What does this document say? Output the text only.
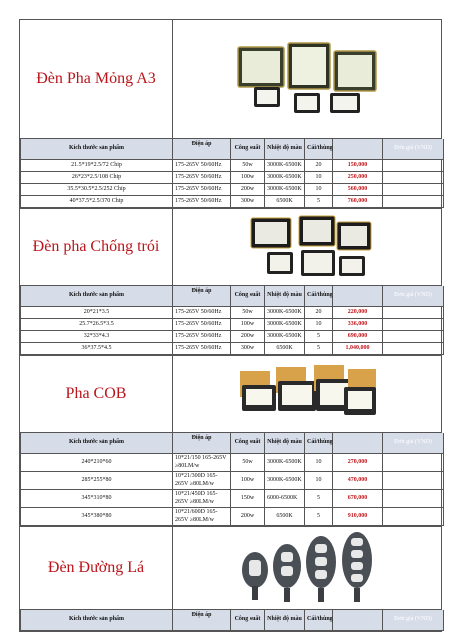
Đèn Pha Mỏng A3
Kích thước sản phẩm	Điện áp	Công suất	Nhiệt độ màu	Cái/thùng		Đơn giá (VND)
21.5*19*2.5/72 Chip	175-265V 50/60Hz	50w	3000K-6500K	20	150,000	
26*23*2.5/108 Chip	175-265V 50/60Hz	100w	3000K-6500K	10	250,000	
35.5*30.5*2.5/252 Chip	175-265V 50/60Hz	200w	3000K-6500K	10	560,000	
40*37.5*2.5/370 Chip	175-265V 50/60Hz	300w	6500K	5	760,000	
Đèn pha Chống trói
Kích thước sản phẩm	Điện áp	Công suất	Nhiệt độ màu	Cái/thùng		Đơn giá (VND)
20*21*3.5	175-265V 50/60Hz	50w	3000K-6500K	20	220,000	
25.7*26.5*3.5	175-265V 50/60Hz	100w	3000K-6500K	10	336,000	
32*33*4.3	175-265V 50/60Hz	200w	3000K-6500K	5	690,000	
36*37.5*4.5	175-265V 50/60Hz	300w	6500K	5	1,040,000	
Pha COB
Kích thước sản phẩm	Điện áp	Công suất	Nhiệt độ màu	Cái/thùng		Đơn giá (VND)
240*210*60	10*21/150 165-265V ≥80LM/w	50w	3000K-6500K	10	270,000	
285*255*80	10*21/300D 165-265V ≥80LM/w	100w	3000K-6500K	10	470,000	
345*310*80	10*21/450D 165-265V ≥80LM/w	150w	6000-6500K	5	670,000	
345*380*80	10*21/600D 165-265V ≥80LM/w	200w	6500K	5	910,000	
Đèn Đường Lá
Kích thước sản phẩm	Điện áp	Công suất	Nhiệt độ màu	Cái/thùng		Đơn giá (VND)
